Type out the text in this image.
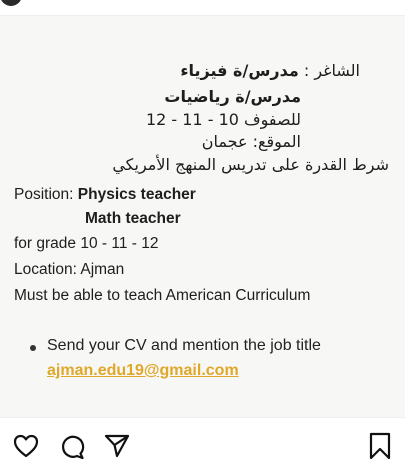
الشاغر : مدرس/ة فيزياء
مدرس/ة رياضيات
للصفوف 10 - 11 - 12
الموقع: عجمان
شرط القدرة على تدريس المنهج الأمريكي
Position: Physics teacher
Math teacher
for grade 10 - 11 - 12
Location: Ajman
Must be able to teach American Curriculum
Send your CV and mention the job title
ajman.edu19@gmail.com
